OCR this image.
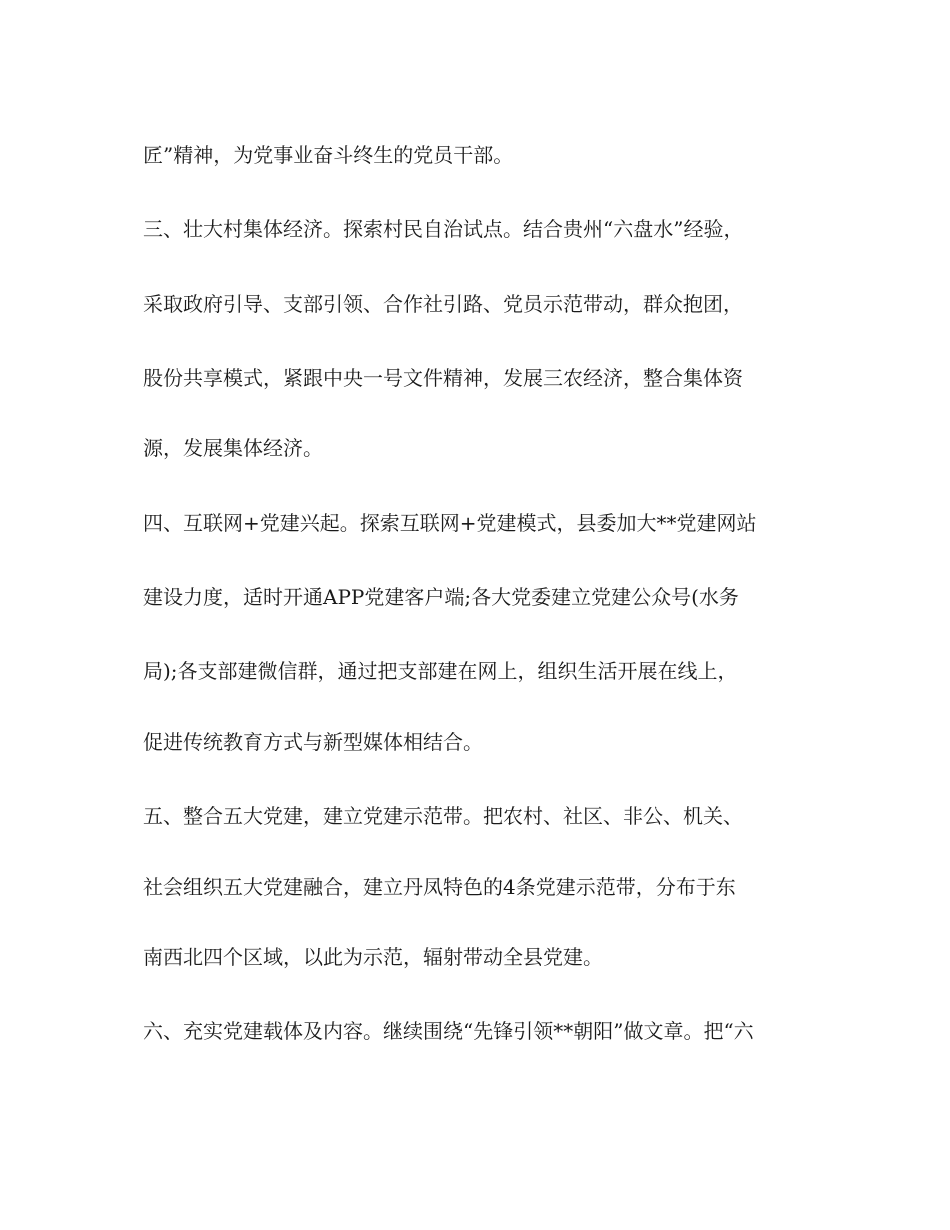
匠”精神，为党事业奋斗终生的党员干部。
三、壮大村集体经济。探索村民自治试点。结合贵州“六盘水”经验，
采取政府引导、支部引领、合作社引路、党员示范带动，群众抱团，
股份共享模式，紧跟中央一号文件精神，发展三农经济，整合集体资
源，发展集体经济。
四、互联网+党建兴起。探索互联网+党建模式，县委加大**党建网站
建设力度，适时开通APP党建客户端;各大党委建立党建公众号(水务
局);各支部建微信群，通过把支部建在网上，组织生活开展在线上，
促进传统教育方式与新型媒体相结合。
五、整合五大党建，建立党建示范带。把农村、社区、非公、机关、
社会组织五大党建融合，建立丹凤特色的4条党建示范带，分布于东
南西北四个区域，以此为示范，辐射带动全县党建。
六、充实党建载体及内容。继续围绕“先锋引领**朝阳”做文章。把“六
